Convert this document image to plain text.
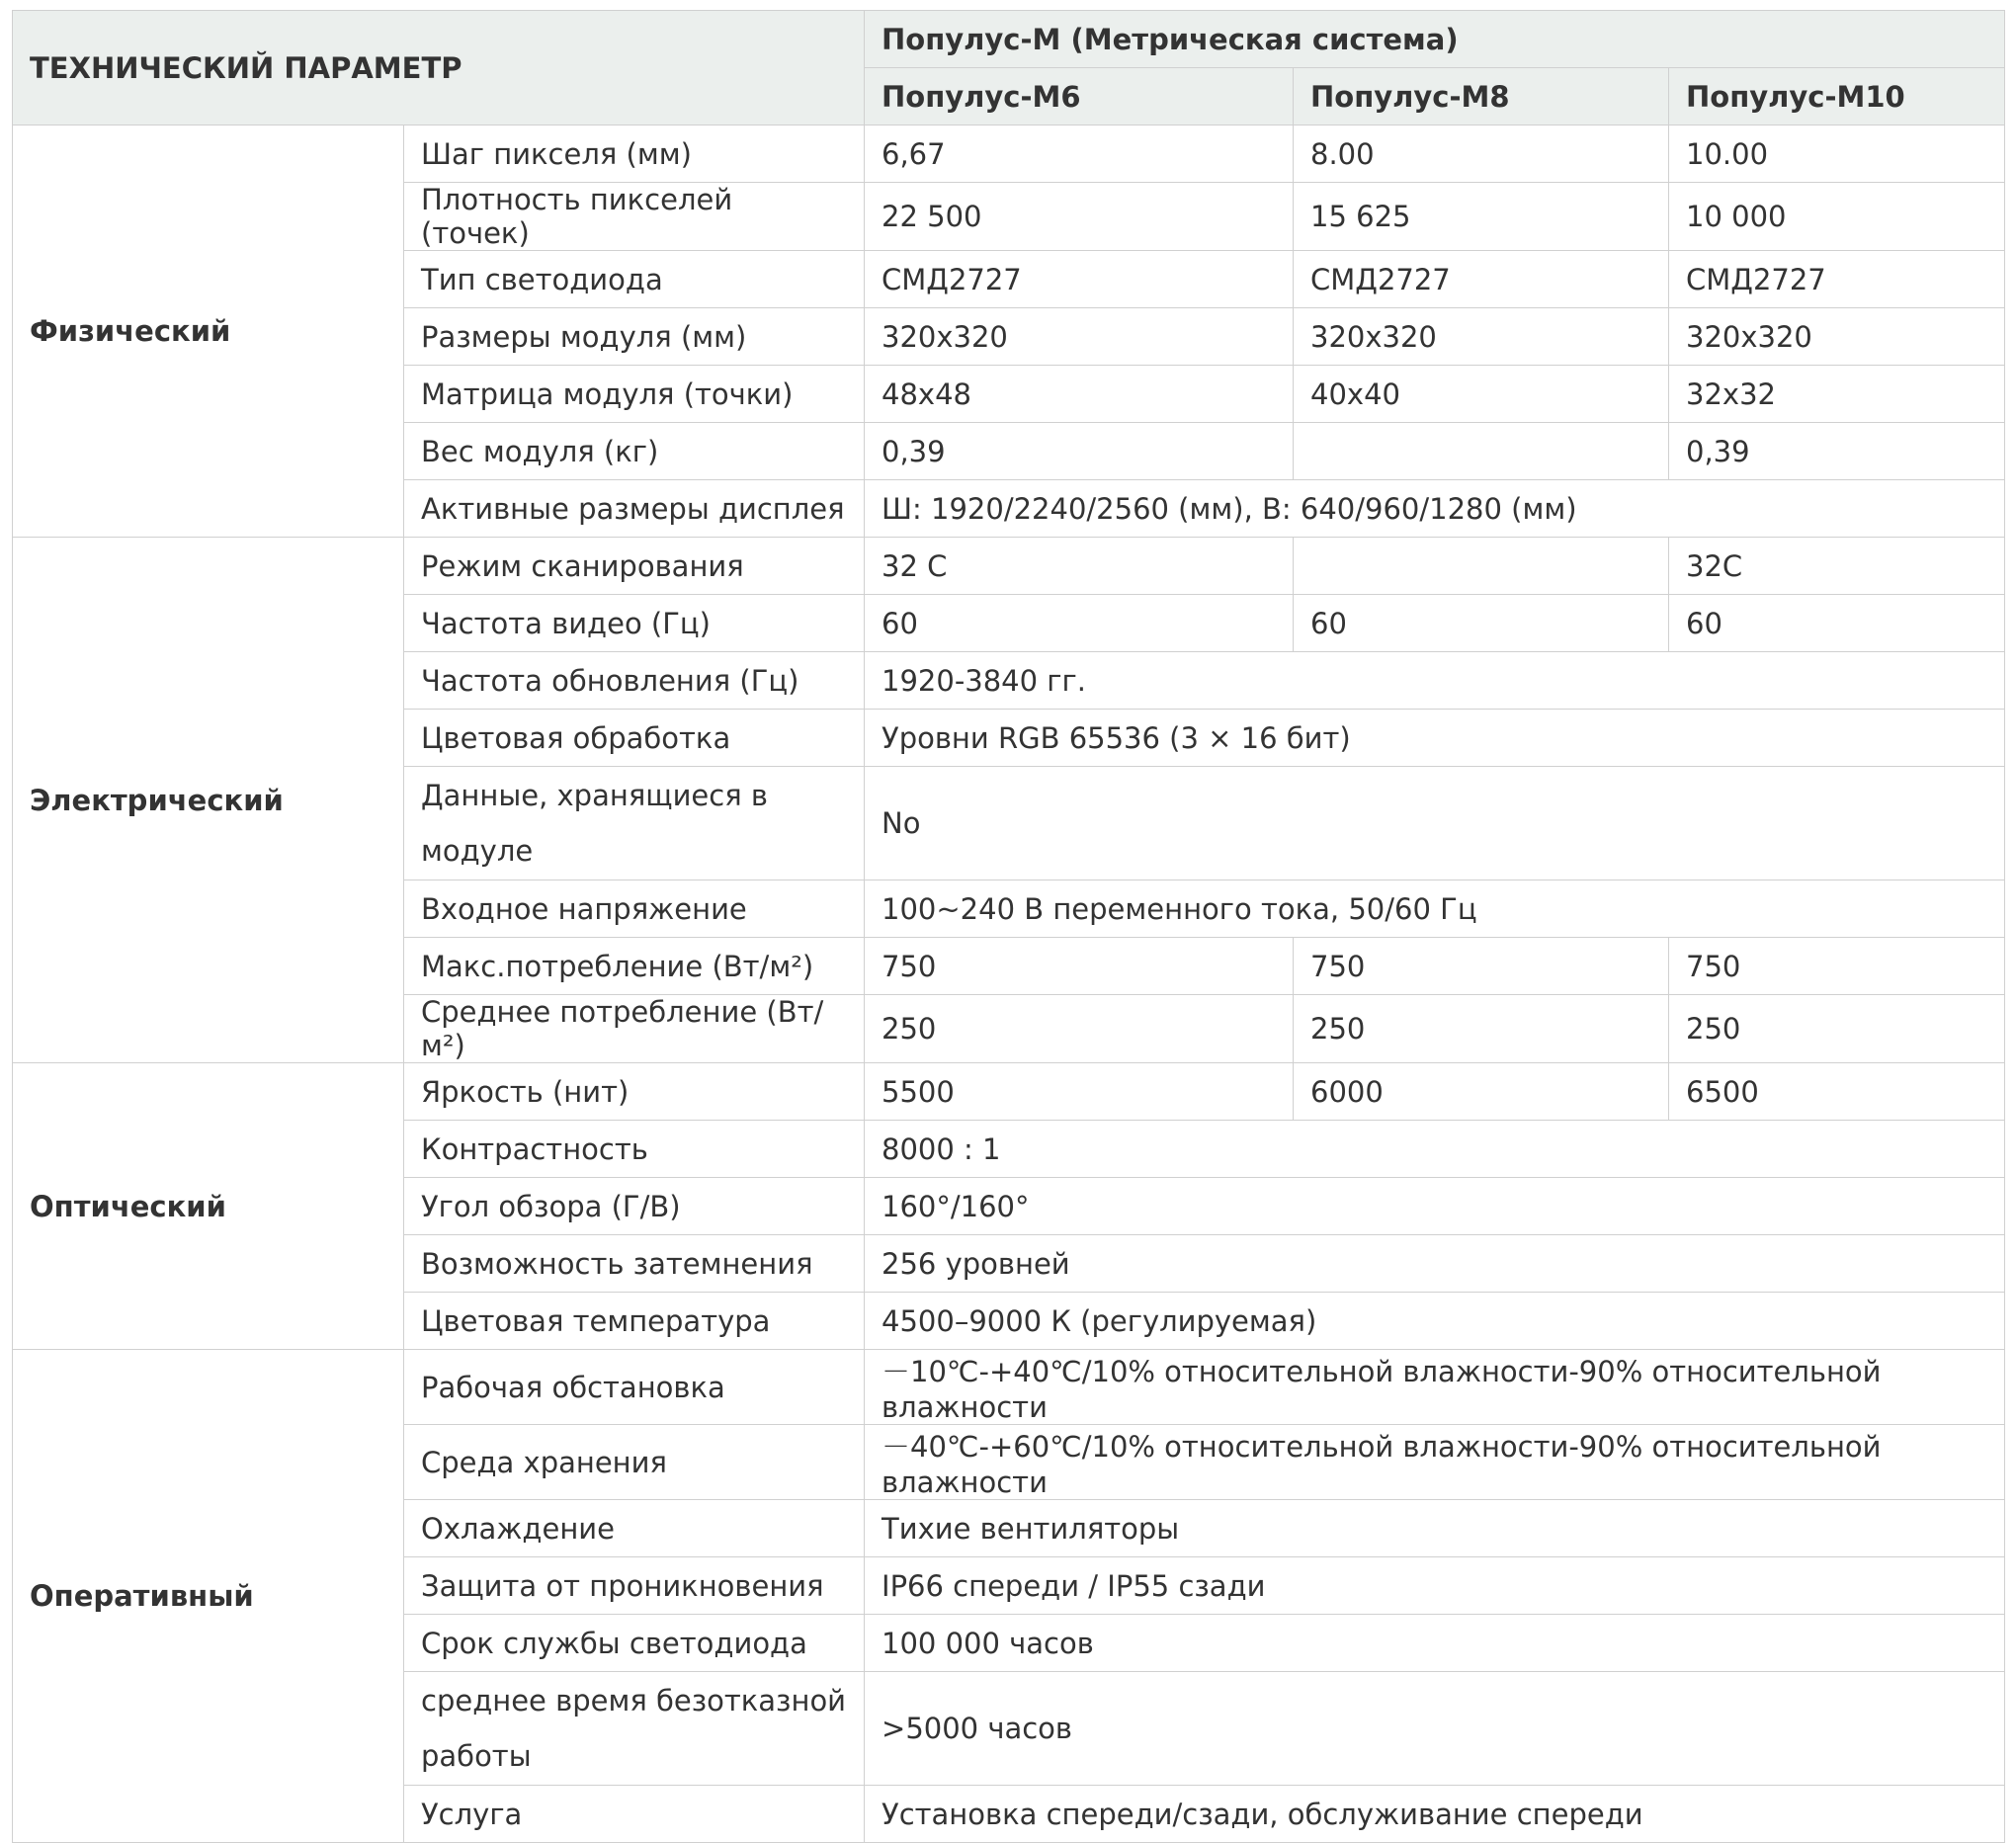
ТЕХНИЧЕСКИЙ ПАРАМЕТР		Популус-М (Метрическая система)		
		Популус-М6	Популус-М8	Популус-М10
Физический	Шаг пикселя (мм)	6,67	8.00	10.00
	Плотность пикселей (точек)	22 500	15 625	10 000
	Тип светодиода	СМД2727	СМД2727	СМД2727
	Размеры модуля (мм)	320x320	320x320	320x320
	Матрица модуля (точки)	48x48	40x40	32x32
	Вес модуля (кг)	0,39		0,39
	Активные размеры дисплея	Ш: 1920/2240/2560 (мм), В: 640/960/1280 (мм)		
Электрический	Режим сканирования	32 С		32С
	Частота видео (Гц)	60	60	60
	Частота обновления (Гц)	1920-3840 гг.		
	Цветовая обработка	Уровни RGB 65536 (3 × 16 бит)		
	Данные, хранящиеся в модуле	No		
	Входное напряжение	100~240 В переменного тока, 50/60 Гц		
	Макс.потребление (Вт/м²)	750	750	750
	Среднее потребление (Вт/м²)	250	250	250
Оптический	Яркость (нит)	5500	6000	6500
	Контрастность	8000 : 1		
	Угол обзора (Г/В)	160°/160°		
	Возможность затемнения	256 уровней		
	Цветовая температура	4500–9000 К (регулируемая)		
Оперативный	Рабочая обстановка	－10℃-+40℃/10% относительной влажности-90% относительной влажности		
	Среда хранения	－40℃-+60℃/10% относительной влажности-90% относительной влажности		
	Охлаждение	Тихие вентиляторы		
	Защита от проникновения	IP66 спереди / IP55 сзади		
	Срок службы светодиода	100 000 часов		
	среднее время безотказной работы	>5000 часов		
	Услуга	Установка спереди/сзади, обслуживание спереди		
